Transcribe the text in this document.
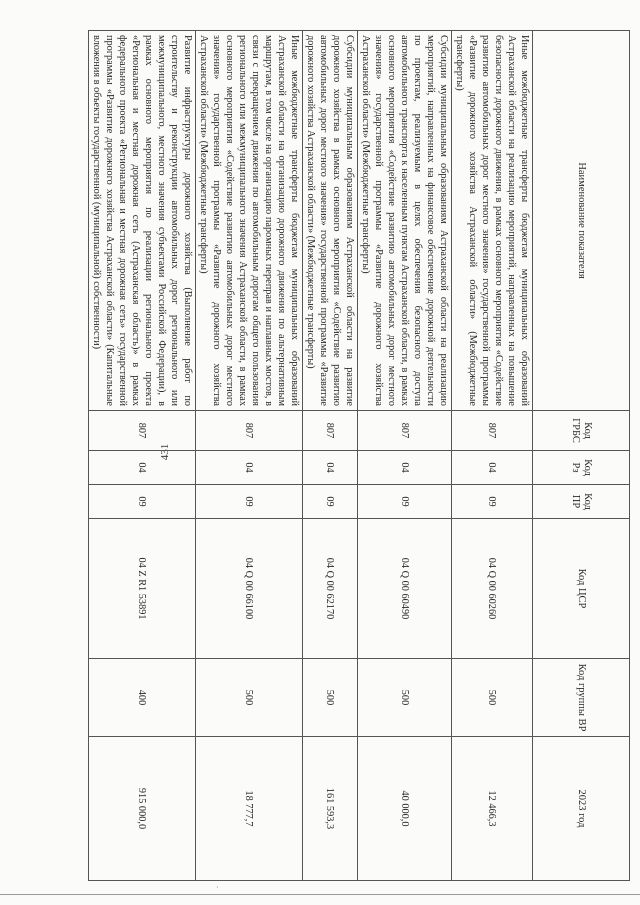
431
Наименование показателя	Код ГРБС	Код Рз	Код ПР	Код ЦСР	Код группы ВР	2023 год
Иные межбюджетные трансферты бюджетам муниципальных образований Астраханской области на реализацию мероприятий, направленных на повышение безопасности дорожного движения, в рамках основного мероприятия «Содействие развитию автомобильных дорог местного значения» государственной программы «Развитие дорожного хозяйства Астраханской области» (Межбюджетные трансферты)	807	04	09	04 Q 00 60260	500	12 466,3
Субсидии муниципальным образованиям Астраханской области на реализацию мероприятий, направленных на финансовое обеспечение дорожной деятельности по проектам, реализуемым в целях обеспечения безопасного доступа автомобильного транспорта к населенным пунктам Астраханской области, в рамках основного мероприятия «Содействие развитию автомобильных дорог местного значения» государственной программы «Развитие дорожного хозяйства Астраханской области» (Межбюджетные трансферты)	807	04	09	04 Q 00 60490	500	40 000,0
Субсидии муниципальным образованиям Астраханской области на развитие дорожного хозяйства в рамках основного мероприятия «Содействие развитию автомобильных дорог местного значения» государственной программы «Развитие дорожного хозяйства Астраханской области» (Межбюджетные трансферты)	807	04	09	04 Q 00 62170	500	161 593,3
Иные межбюджетные трансферты бюджетам муниципальных образований Астраханской области на организацию дорожного движения по альтернативным маршрутам, в том числе на организацию паромных переправ и наплавных мостов, в связи с прекращением движения по автомобильным дорогам общего пользования регионального или межмуниципального значения Астраханской области, в рамках основного мероприятия «Содействие развитию автомобильных дорог местного значения» государственной программы «Развитие дорожного хозяйства Астраханской области» (Межбюджетные трансферты)	807	04	09	04 Q 00 66100	500	18 777,7
Развитие инфраструктуры дорожного хозяйства (Выполнение работ по строительству и реконструкции автомобильных дорог регионального или межмуниципального, местного значения субъектами Российской Федерации), в рамках основного мероприятия по реализации регионального проекта «Региональная и местная дорожная сеть (Астраханская область)» в рамках федерального проекта «Региональная и местная дорожная сеть» государственной программы «Развитие дорожного хозяйства Астраханской области» (Капитальные вложения в объекты государственной (муниципальной) собственности)	807	04	09	04 Z R1 53891	400	915 000,0
·
